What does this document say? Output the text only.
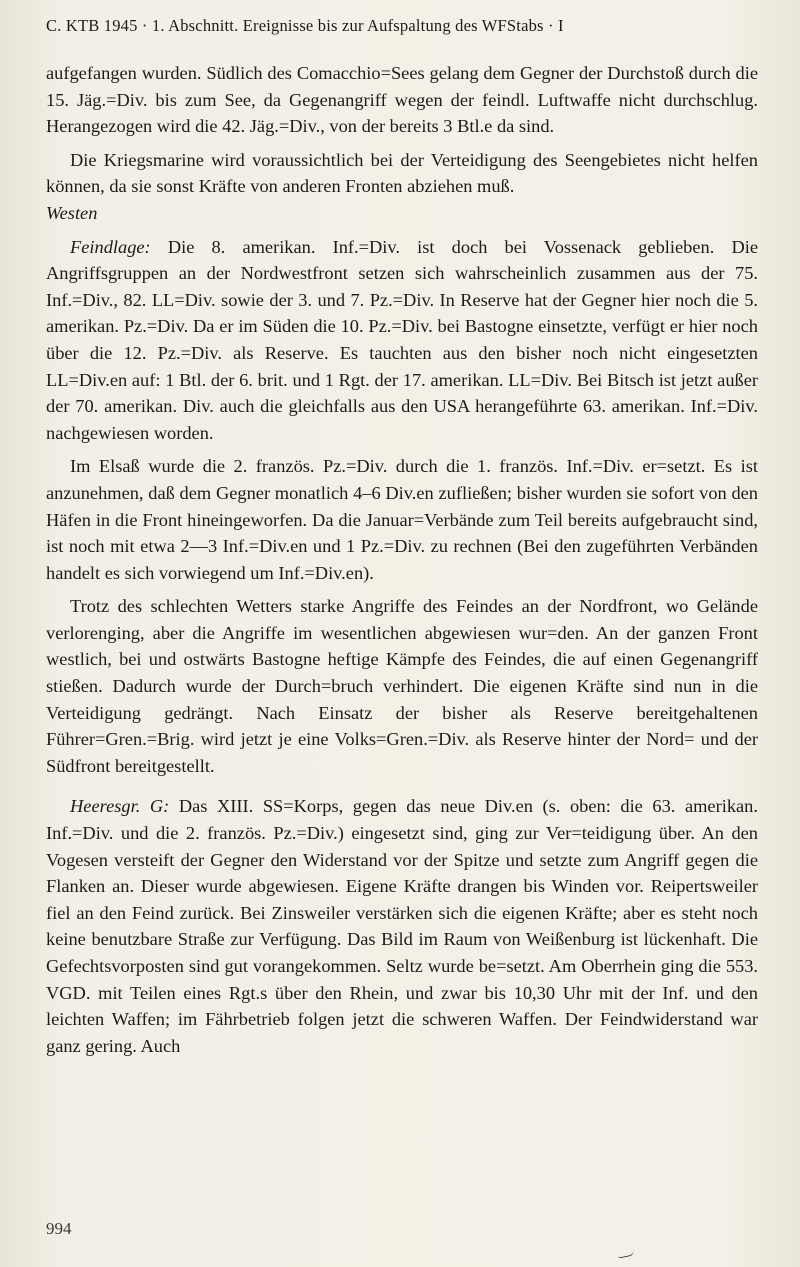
C. KTB 1945 · 1. Abschnitt. Ereignisse bis zur Aufspaltung des WFStabs · I

aufgefangen wurden. Südlich des Comacchio=Sees gelang dem Gegner der Durchstoß durch die 15. Jäg.=Div. bis zum See, da Gegenangriff wegen der feindl. Luftwaffe nicht durchschlug. Herangezogen wird die 42. Jäg.=Div., von der bereits 3 Btl.e da sind.

Die Kriegsmarine wird voraussichtlich bei der Verteidigung des Seengebietes nicht helfen können, da sie sonst Kräfte von anderen Fronten abziehen muß.

Westen

Feindlage: Die 8. amerikan. Inf.=Div. ist doch bei Vossenack geblieben. Die Angriffsgruppen an der Nordwestfront setzen sich wahrscheinlich zusammen aus der 75. Inf.=Div., 82. LL=Div. sowie der 3. und 7. Pz.=Div. In Reserve hat der Gegner hier noch die 5. amerikan. Pz.=Div. Da er im Süden die 10. Pz.=Div. bei Bastogne einsetzte, verfügt er hier noch über die 12. Pz.=Div. als Reserve. Es tauchten aus den bisher noch nicht eingesetzten LL=Div.en auf: 1 Btl. der 6. brit. und 1 Rgt. der 17. amerikan. LL=Div. Bei Bitsch ist jetzt außer der 70. amerikan. Div. auch die gleichfalls aus den USA herangeführte 63. amerikan. Inf.=Div. nachgewiesen worden.

Im Elsaß wurde die 2. französ. Pz.=Div. durch die 1. französ. Inf.=Div. er=setzt. Es ist anzunehmen, daß dem Gegner monatlich 4–6 Div.en zufließen; bisher wurden sie sofort von den Häfen in die Front hineingeworfen. Da die Januar=Verbände zum Teil bereits aufgebraucht sind, ist noch mit etwa 2—3 Inf.=Div.en und 1 Pz.=Div. zu rechnen (Bei den zugeführten Verbänden handelt es sich vorwiegend um Inf.=Div.en).

Trotz des schlechten Wetters starke Angriffe des Feindes an der Nordfront, wo Gelände verlorenging, aber die Angriffe im wesentlichen abgewiesen wur=den. An der ganzen Front westlich, bei und ostwärts Bastogne heftige Kämpfe des Feindes, die auf einen Gegenangriff stießen. Dadurch wurde der Durch=bruch verhindert. Die eigenen Kräfte sind nun in die Verteidigung gedrängt. Nach Einsatz der bisher als Reserve bereitgehaltenen Führer=Gren.=Brig. wird jetzt je eine Volks=Gren.=Div. als Reserve hinter der Nord= und der Südfront bereitgestellt.

Heeresgr. G: Das XIII. SS=Korps, gegen das neue Div.en (s. oben: die 63. amerikan. Inf.=Div. und die 2. französ. Pz.=Div.) eingesetzt sind, ging zur Ver=teidigung über. An den Vogesen versteift der Gegner den Widerstand vor der Spitze und setzte zum Angriff gegen die Flanken an. Dieser wurde abgewiesen. Eigene Kräfte drangen bis Winden vor. Reipertsweiler fiel an den Feind zurück. Bei Zinsweiler verstärken sich die eigenen Kräfte; aber es steht noch keine benutzbare Straße zur Verfügung. Das Bild im Raum von Weißenburg ist lückenhaft. Die Gefechtsvorposten sind gut vorangekommen. Seltz wurde be=setzt. Am Oberrhein ging die 553. VGD. mit Teilen eines Rgt.s über den Rhein, und zwar bis 10,30 Uhr mit der Inf. und den leichten Waffen; im Fährbetrieb folgen jetzt die schweren Waffen. Der Feindwiderstand war ganz gering. Auch

994
